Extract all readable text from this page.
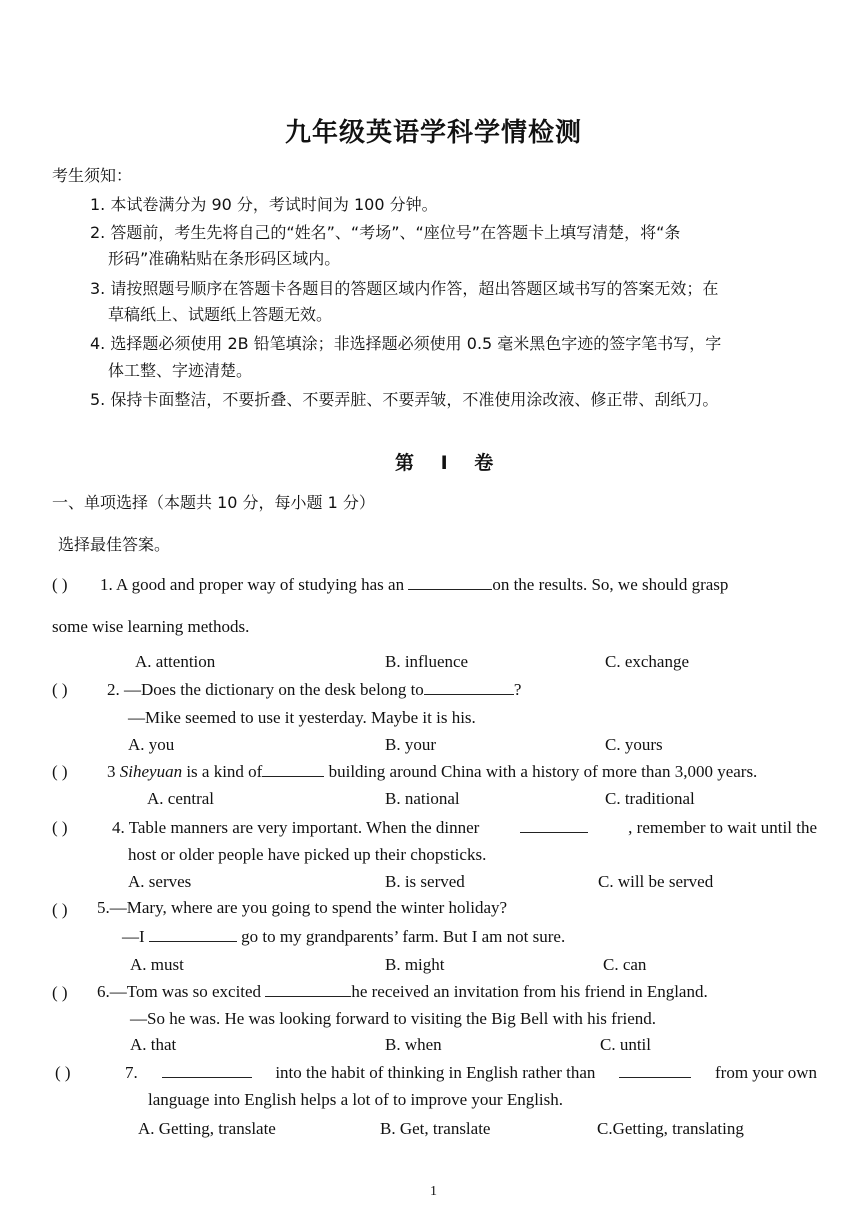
九年级英语学科学情检测
考生须知：
1. 本试卷满分为 90 分，考试时间为 100 分钟。
2. 答题前，考生先将自己的“姓名”、“考场”、“座位号”在答题卡上填写清楚，将“条
形码”准确粘贴在条形码区域内。
3. 请按照题号顺序在答题卡各题目的答题区域内作答，超出答题区域书写的答案无效；在
草稿纸上、试题纸上答题无效。
4. 选择题必须使用 2B 铅笔填涂；非选择题必须使用 0.5 毫米黑色字迹的签字笔书写，字
体工整、字迹清楚。
5. 保持卡面整洁，不要折叠、不要弄脏、不要弄皱，不准使用涂改液、修正带、刮纸刀。
第 Ⅰ 卷
一、单项选择（本题共 10 分，每小题 1 分）
选择最佳答案。
( ) 1. A good and proper way of studying has an	on the results. So, we should grasp
some wise learning methods.
A. attention	B. influence	C. exchange
( ) 2. —Does the dictionary on the desk belong to	?
—Mike seemed to use it yesterday. Maybe it is his.
A. you	B. your	C. yours
( ) 3 Siheyuan is a kind of	building around China with a history of more than 3,000 years.
A. central	B. national	C. traditional
( )	4. Table manners are very important. When the dinner	, remember to wait until the
host or older people have picked up their chopsticks.
A. serves	B. is served	C. will be served
( ) 5.—Mary, where are you going to spend the winter holiday?
—I	go to my grandparents’ farm. But I am not sure.
A. must	B. might	C. can
( ) 6.—Tom was so excited	he received an invitation from his friend in England.
—So he was. He was looking forward to visiting the Big Bell with his friend.
A. that	B. when	C. until
( )	7.	into the habit of thinking in English rather than	from your own
language into English helps a lot of to improve your English.
A. Getting, translate	B. Get, translate	C.Getting, translating
1
